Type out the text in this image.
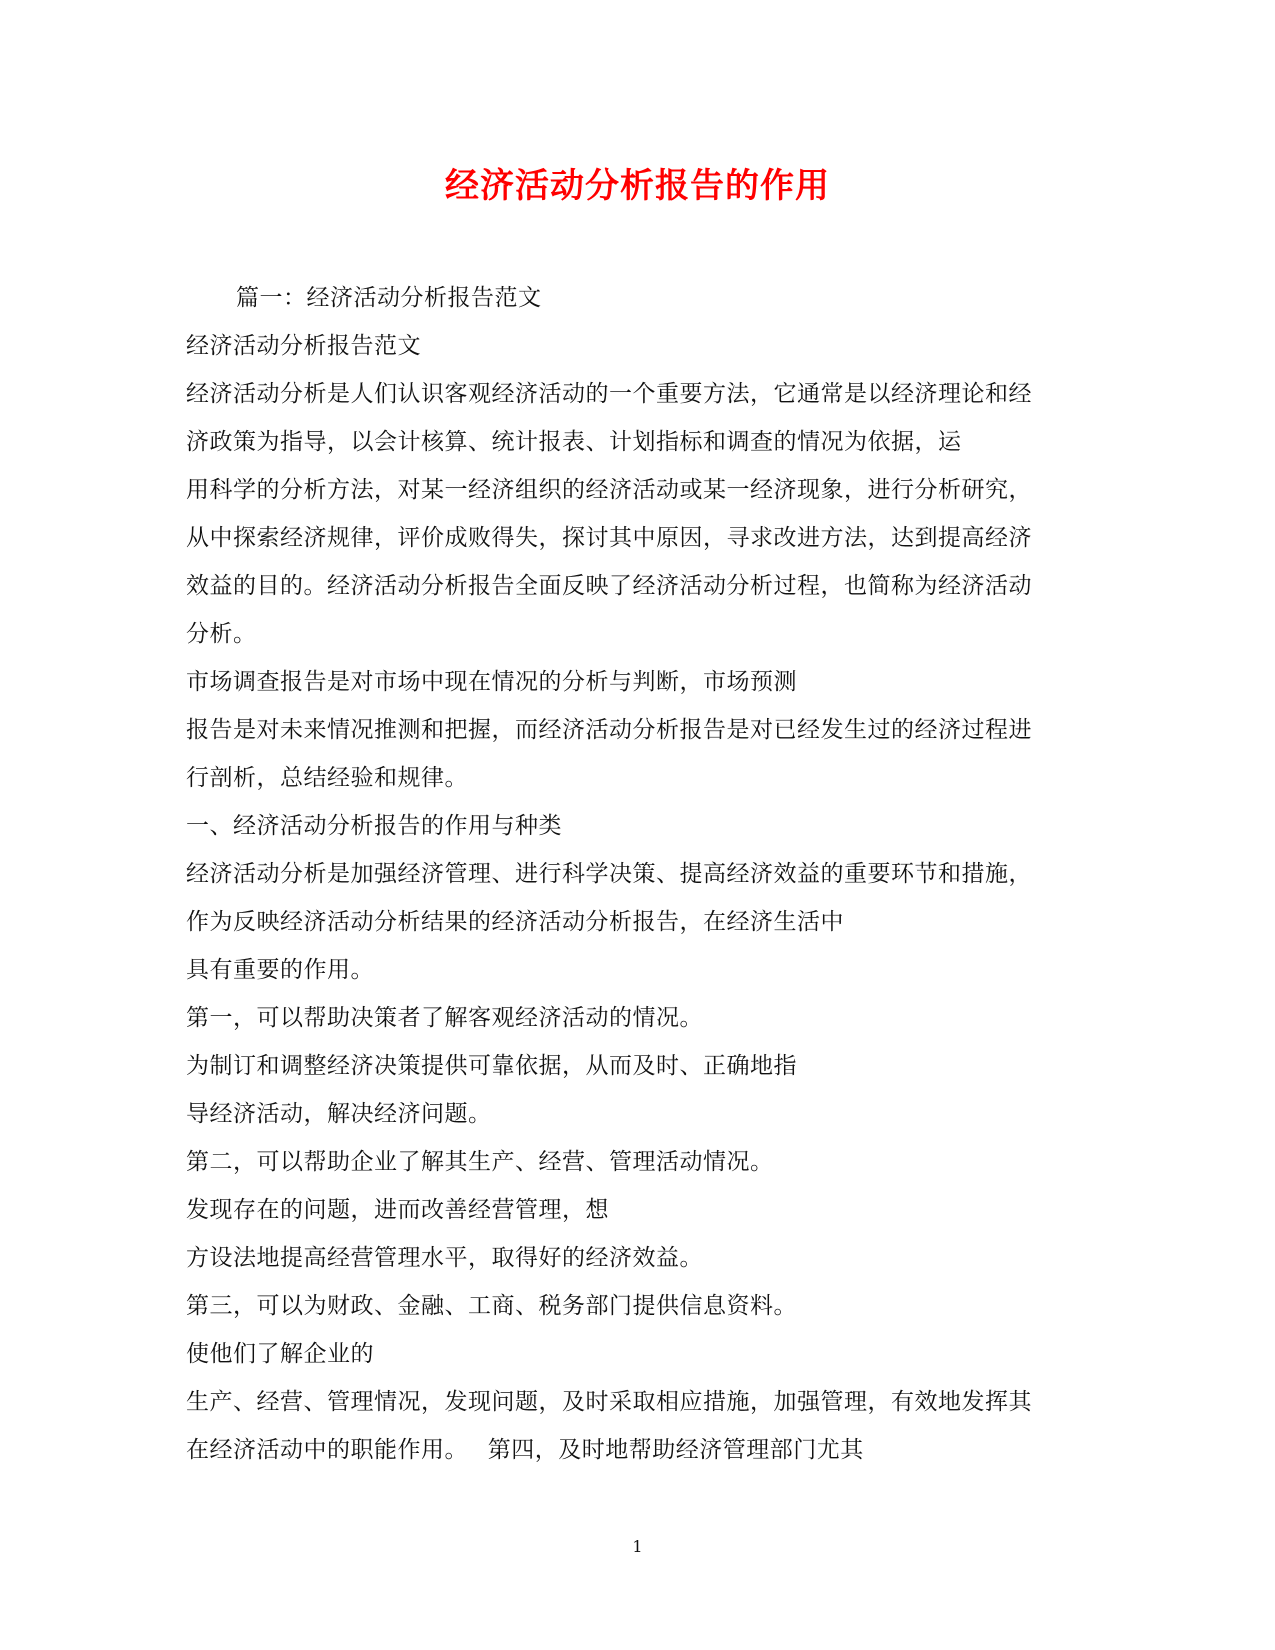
经济活动分析报告的作用
篇一：经济活动分析报告范文
经济活动分析报告范文
经济活动分析是人们认识客观经济活动的一个重要方法，它通常是以经济理论和经
济政策为指导，以会计核算、统计报表、计划指标和调查的情况为依据，运
用科学的分析方法，对某一经济组织的经济活动或某一经济现象，进行分析研究，
从中探索经济规律，评价成败得失，探讨其中原因，寻求改进方法，达到提高经济
效益的目的。经济活动分析报告全面反映了经济活动分析过程，也简称为经济活动
分析。
市场调查报告是对市场中现在情况的分析与判断，市场预测
报告是对未来情况推测和把握，而经济活动分析报告是对已经发生过的经济过程进
行剖析，总结经验和规律。
一、经济活动分析报告的作用与种类
经济活动分析是加强经济管理、进行科学决策、提高经济效益的重要环节和措施，
作为反映经济活动分析结果的经济活动分析报告，在经济生活中
具有重要的作用。
第一，可以帮助决策者了解客观经济活动的情况。
为制订和调整经济决策提供可靠依据，从而及时、正确地指
导经济活动，解决经济问题。
第二，可以帮助企业了解其生产、经营、管理活动情况。
发现存在的问题，进而改善经营管理，想
方设法地提高经营管理水平，取得好的经济效益。
第三，可以为财政、金融、工商、税务部门提供信息资料。
使他们了解企业的
生产、经营、管理情况，发现问题，及时采取相应措施，加强管理，有效地发挥其
在经济活动中的职能作用。　 第四，及时地帮助经济管理部门尤其
1
